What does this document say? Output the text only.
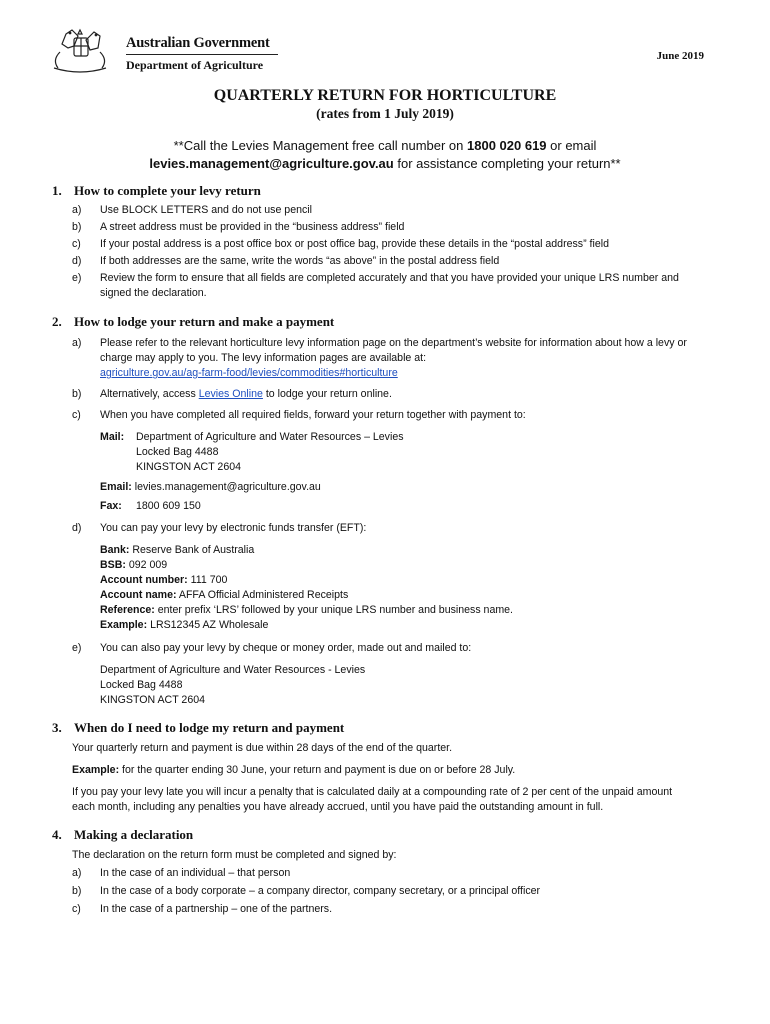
Australian Government
Department of Agriculture
June 2019
QUARTERLY RETURN FOR HORTICULTURE
(rates from 1 July 2019)
**Call the Levies Management free call number on 1800 020 619 or email
levies.management@agriculture.gov.au for assistance completing your return**
1. How to complete your levy return
a)	Use BLOCK LETTERS and do not use pencil
b)	A street address must be provided in the “business address” field
c)	If your postal address is a post office box or post office bag, provide these details in the “postal address” field
d)	If both addresses are the same, write the words “as above” in the postal address field
e)	Review the form to ensure that all fields are completed accurately and that you have provided your unique LRS number and signed the declaration.
2. How to lodge your return and make a payment
a)	Please refer to the relevant horticulture levy information page on the department’s website for information about how a levy or charge may apply to you. The levy information pages are available at:
agriculture.gov.au/ag-farm-food/levies/commodities#horticulture
b)	Alternatively, access Levies Online to lodge your return online.
c)	When you have completed all required fields, forward your return together with payment to:
Mail:	Department of Agriculture and Water Resources – Levies
Locked Bag 4488
KINGSTON ACT 2604
Email: levies.management@agriculture.gov.au
Fax:	1800 609 150
d)	You can pay your levy by electronic funds transfer (EFT):
Bank: Reserve Bank of Australia
BSB: 092 009
Account number: 111 700
Account name: AFFA Official Administered Receipts
Reference: enter prefix ‘LRS’ followed by your unique LRS number and business name.
Example: LRS12345 AZ Wholesale
e)	You can also pay your levy by cheque or money order, made out and mailed to:
Department of Agriculture and Water Resources - Levies
Locked Bag 4488
KINGSTON ACT 2604
3. When do I need to lodge my return and payment
Your quarterly return and payment is due within 28 days of the end of the quarter.
Example: for the quarter ending 30 June, your return and payment is due on or before 28 July.
If you pay your levy late you will incur a penalty that is calculated daily at a compounding rate of 2 per cent of the unpaid amount each month, including any penalties you have already accrued, until you have paid the outstanding amount in full.
4. Making a declaration
The declaration on the return form must be completed and signed by:
a)	In the case of an individual – that person
b)	In the case of a body corporate – a company director, company secretary, or a principal officer
c)	In the case of a partnership – one of the partners.
